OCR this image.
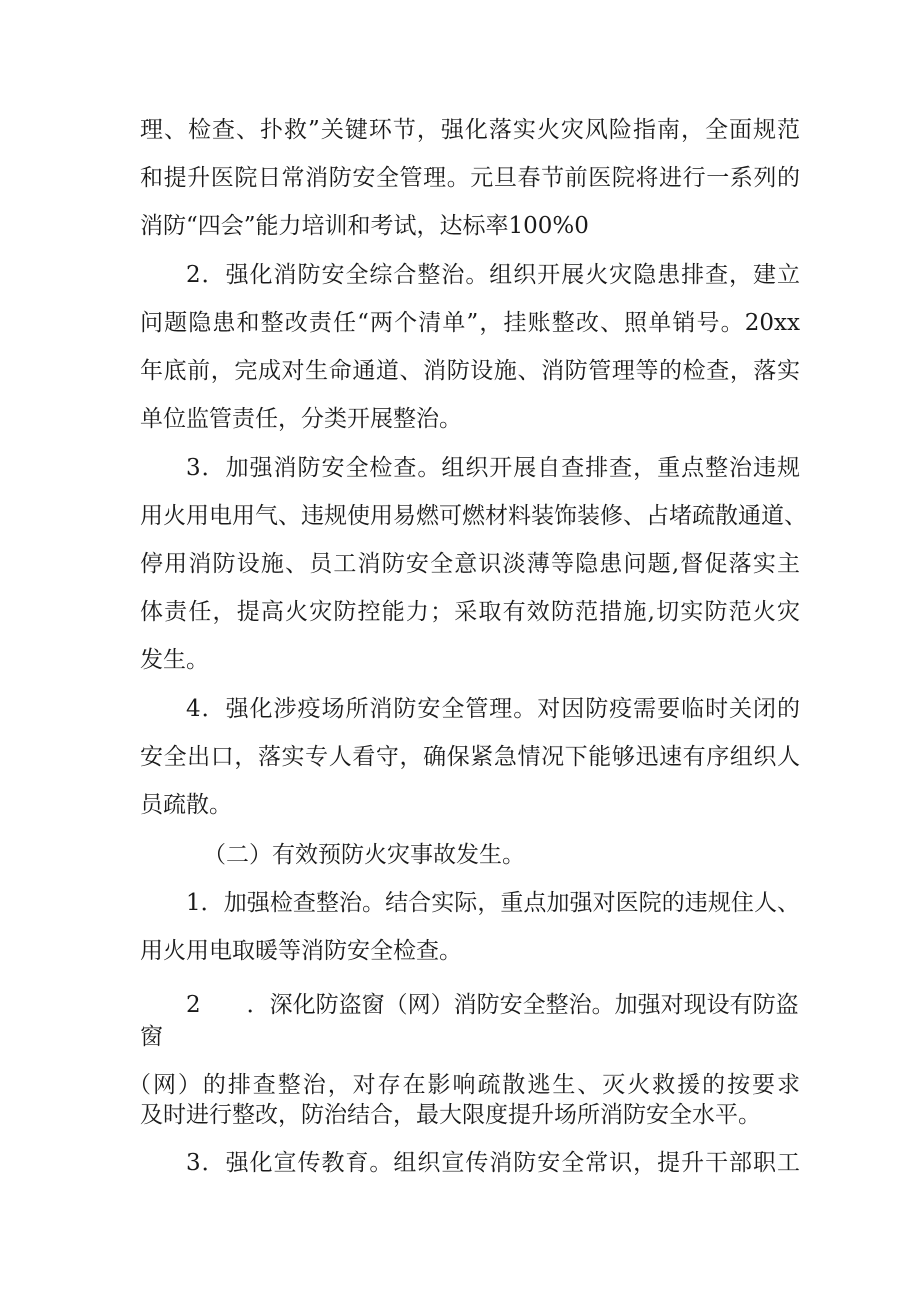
理、检查、扑救”关键环节，强化落实火灾风险指南，全面规范
和提升医院日常消防安全管理。元旦春节前医院将进行一系列的
消防“四会”能力培训和考试，达标率100%0
2．强化消防安全综合整治。组织开展火灾隐患排查，建立
问题隐患和整改责任“两个清单”，挂账整改、照单销号。20xx
年底前，完成对生命通道、消防设施、消防管理等的检查，落实
单位监管责任，分类开展整治。
3．加强消防安全检查。组织开展自查排查，重点整治违规
用火用电用气、违规使用易燃可燃材料装饰装修、占堵疏散通道、
停用消防设施、员工消防安全意识淡薄等隐患问题,督促落实主
体责任，提高火灾防控能力；采取有效防范措施,切实防范火灾
发生。
4．强化涉疫场所消防安全管理。对因防疫需要临时关闭的
安全出口，落实专人看守，确保紧急情况下能够迅速有序组织人
员疏散。
（二）有效预防火灾事故发生。
1．加强检查整治。结合实际，重点加强对医院的违规住人、
用火用电取暖等消防安全检查。
2　　．深化防盗窗（网）消防安全整治。加强对现设有防盗
窗
（网）的排查整治，对存在影响疏散逃生、灭火救援的按要求
及时进行整改，防治结合，最大限度提升场所消防安全水平。
3．强化宣传教育。组织宣传消防安全常识，提升干部职工
